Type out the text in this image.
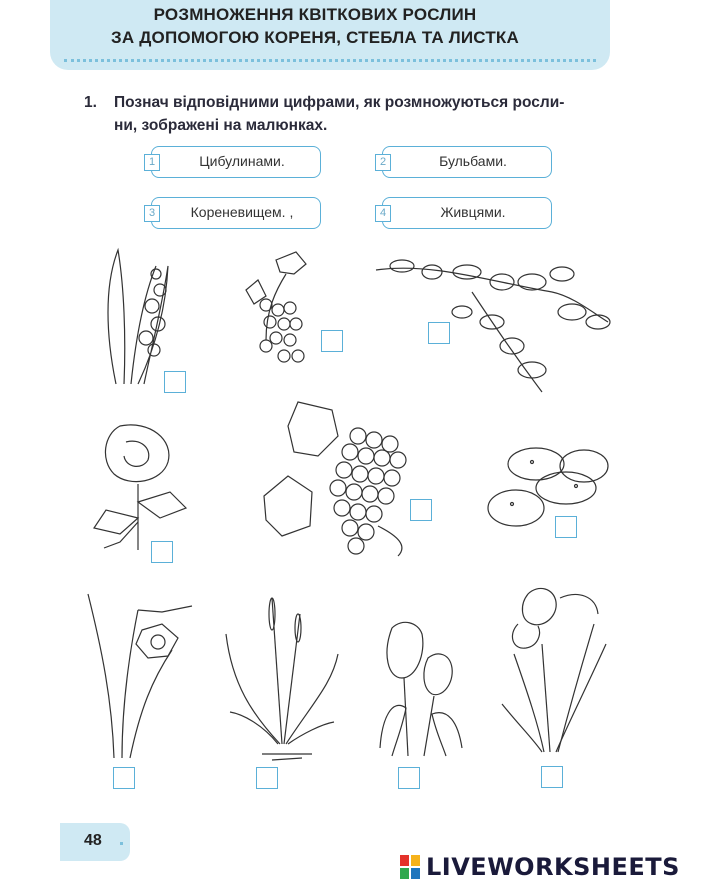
РОЗМНОЖЕННЯ КВІТКОВИХ РОСЛИН
ЗА ДОПОМОГОЮ КОРЕНЯ, СТЕБЛА ТА ЛИСТКА
1. Познач відповідними цифрами, як розмножуються росли-
ни, зображені на малюнках.
1	Цибулинами.	2	Бульбами.
3	Кореневищем. ,	4	Живцями.
48
LIVEWORKSHEETS
